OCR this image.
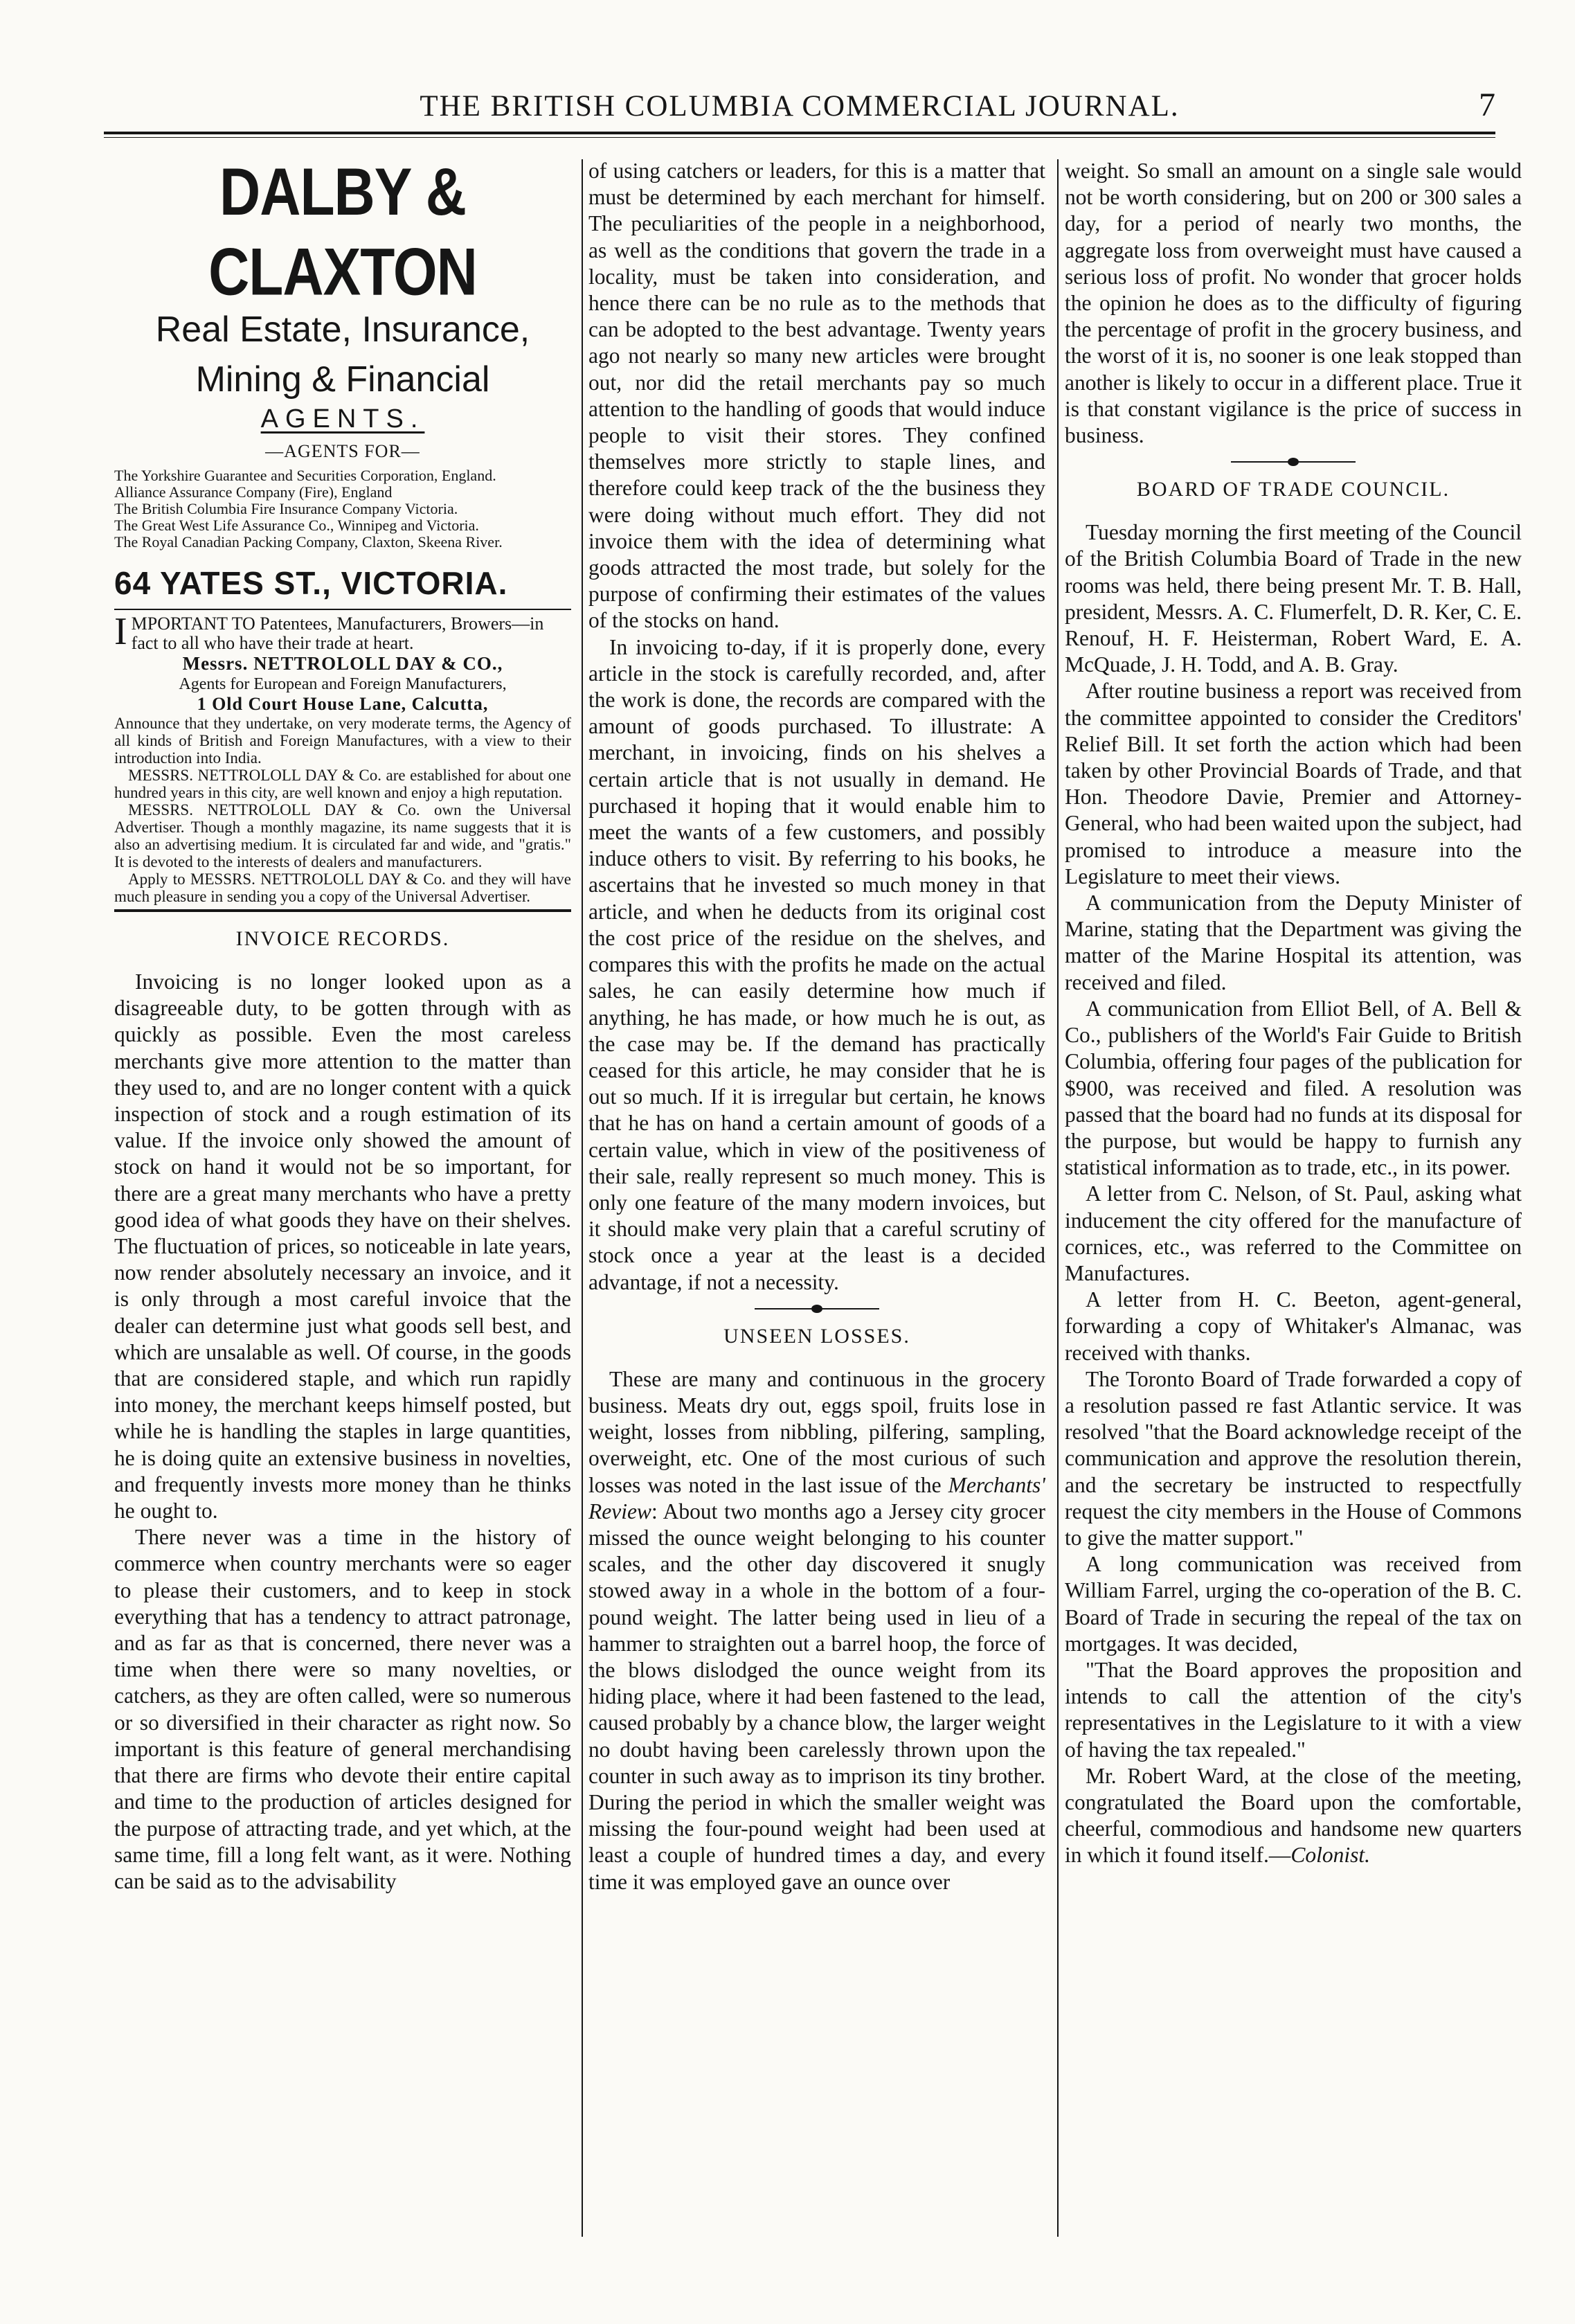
THE BRITISH COLUMBIA COMMERCIAL JOURNAL.	7
DALBY & CLAXTON
Real Estate, Insurance,
Mining & Financial
AGENTS.
—AGENTS FOR—
The Yorkshire Guarantee and Securities Corporation, England.
Alliance Assurance Company (Fire), England
The British Columbia Fire Insurance Company Victoria.
The Great West Life Assurance Co., Winnipeg and Victoria.
The Royal Canadian Packing Company, Claxton, Skeena River.
64 YATES ST., VICTORIA.
IMPORTANT TO Patentees, Manufacturers, Browers—in fact to all who have their trade at heart.
Messrs. NETTROLOLL DAY & CO.,
Agents for European and Foreign Manufacturers,
1 Old Court House Lane, Calcutta,
Announce that they undertake, on very moderate terms, the Agency of all kinds of British and Foreign Manufactures, with a view to their introduction into India.
MESSRS. NETTROLOLL DAY & Co. are established for about one hundred years in this city, are well known and enjoy a high reputation.
MESSRS. NETTROLOLL DAY & Co. own the Universal Advertiser. Though a monthly magazine, its name suggests that it is also an advertising medium. It is circulated far and wide, and "gratis." It is devoted to the interests of dealers and manufacturers.
Apply to MESSRS. NETTROLOLL DAY & Co. and they will have much pleasure in sending you a copy of the Universal Advertiser.
INVOICE RECORDS.

Invoicing is no longer looked upon as a disagreeable duty, to be gotten through with as quickly as possible. Even the most careless merchants give more attention to the matter than they used to, and are no longer content with a quick inspection of stock and a rough estimation of its value. If the invoice only showed the amount of stock on hand it would not be so important, for there are a great many merchants who have a pretty good idea of what goods they have on their shelves. The fluctuation of prices, so noticeable in late years, now render absolutely necessary an invoice, and it is only through a most careful invoice that the dealer can determine just what goods sell best, and which are unsalable as well. Of course, in the goods that are considered staple, and which run rapidly into money, the merchant keeps himself posted, but while he is handling the staples in large quantities, he is doing quite an extensive business in novelties, and frequently invests more money than he thinks he ought to.

There never was a time in the history of commerce when country merchants were so eager to please their customers, and to keep in stock everything that has a tendency to attract patronage, and as far as that is concerned, there never was a time when there were so many novelties, or catchers, as they are often called, were so numerous or so diversified in their character as right now. So important is this feature of general merchandising that there are firms who devote their entire capital and time to the production of articles designed for the purpose of attracting trade, and yet which, at the same time, fill a long felt want, as it were. Nothing can be said as to the advisability

of using catchers or leaders, for this is a matter that must be determined by each merchant for himself. The peculiarities of the people in a neighborhood, as well as the conditions that govern the trade in a locality, must be taken into consideration, and hence there can be no rule as to the methods that can be adopted to the best advantage. Twenty years ago not nearly so many new articles were brought out, nor did the retail merchants pay so much attention to the handling of goods that would induce people to visit their stores. They confined themselves more strictly to staple lines, and therefore could keep track of the the business they were doing without much effort. They did not invoice them with the idea of determining what goods attracted the most trade, but solely for the purpose of confirming their estimates of the values of the stocks on hand.

In invoicing to-day, if it is properly done, every article in the stock is carefully recorded, and, after the work is done, the records are compared with the amount of goods purchased. To illustrate: A merchant, in invoicing, finds on his shelves a certain article that is not usually in demand. He purchased it hoping that it would enable him to meet the wants of a few customers, and possibly induce others to visit. By referring to his books, he ascertains that he invested so much money in that article, and when he deducts from its original cost the cost price of the residue on the shelves, and compares this with the profits he made on the actual sales, he can easily determine how much if anything, he has made, or how much he is out, as the case may be. If the demand has practically ceased for this article, he may consider that he is out so much. If it is irregular but certain, he knows that he has on hand a certain amount of goods of a certain value, which in view of the positiveness of their sale, really represent so much money. This is only one feature of the many modern invoices, but it should make very plain that a careful scrutiny of stock once a year at the least is a decided advantage, if not a necessity.

UNSEEN LOSSES.

These are many and continuous in the grocery business. Meats dry out, eggs spoil, fruits lose in weight, losses from nibbling, pilfering, sampling, overweight, etc. One of the most curious of such losses was noted in the last issue of the Merchants' Review: About two months ago a Jersey city grocer missed the ounce weight belonging to his counter scales, and the other day discovered it snugly stowed away in a whole in the bottom of a four-pound weight. The latter being used in lieu of a hammer to straighten out a barrel hoop, the force of the blows dislodged the ounce weight from its hiding place, where it had been fastened to the lead, caused probably by a chance blow, the larger weight no doubt having been carelessly thrown upon the counter in such away as to imprison its tiny brother. During the period in which the smaller weight was missing the four-pound weight had been used at least a couple of hundred times a day, and every time it was employed gave an ounce over

weight. So small an amount on a single sale would not be worth considering, but on 200 or 300 sales a day, for a period of nearly two months, the aggregate loss from overweight must have caused a serious loss of profit. No wonder that grocer holds the opinion he does as to the difficulty of figuring the percentage of profit in the grocery business, and the worst of it is, no sooner is one leak stopped than another is likely to occur in a different place. True it is that constant vigilance is the price of success in business.

BOARD OF TRADE COUNCIL.

Tuesday morning the first meeting of the Council of the British Columbia Board of Trade in the new rooms was held, there being present Mr. T. B. Hall, president, Messrs. A. C. Flumerfelt, D. R. Ker, C. E. Renouf, H. F. Heisterman, Robert Ward, E. A. McQuade, J. H. Todd, and A. B. Gray.

After routine business a report was received from the committee appointed to consider the Creditors' Relief Bill. It set forth the action which had been taken by other Provincial Boards of Trade, and that Hon. Theodore Davie, Premier and Attorney-General, who had been waited upon the subject, had promised to introduce a measure into the Legislature to meet their views.

A communication from the Deputy Minister of Marine, stating that the Department was giving the matter of the Marine Hospital its attention, was received and filed.

A communication from Elliot Bell, of A. Bell & Co., publishers of the World's Fair Guide to British Columbia, offering four pages of the publication for $900, was received and filed. A resolution was passed that the board had no funds at its disposal for the purpose, but would be happy to furnish any statistical information as to trade, etc., in its power.

A letter from C. Nelson, of St. Paul, asking what inducement the city offered for the manufacture of cornices, etc., was referred to the Committee on Manufactures.

A letter from H. C. Beeton, agent-general, forwarding a copy of Whitaker's Almanac, was received with thanks.

The Toronto Board of Trade forwarded a copy of a resolution passed re fast Atlantic service. It was resolved "that the Board acknowledge receipt of the communication and approve the resolution therein, and the secretary be instructed to respectfully request the city members in the House of Commons to give the matter support."

A long communication was received from William Farrel, urging the co-operation of the B. C. Board of Trade in securing the repeal of the tax on mortgages. It was decided,

"That the Board approves the proposition and intends to call the attention of the city's representatives in the Legislature to it with a view of having the tax repealed."

Mr. Robert Ward, at the close of the meeting, congratulated the Board upon the comfortable, cheerful, commodious and handsome new quarters in which it found itself.—Colonist.
